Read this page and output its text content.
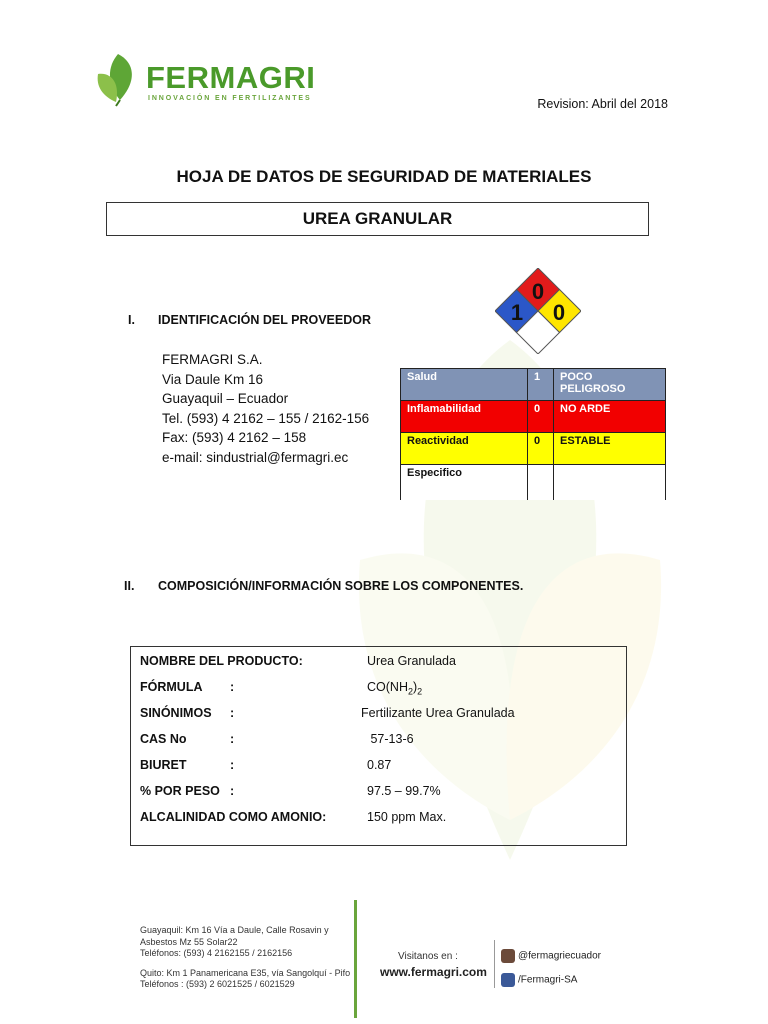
FERMAGRI
INNOVACIÓN EN FERTILIZANTES	Revision: Abril del 2018
HOJA DE DATOS DE SEGURIDAD DE MATERIALES
UREA GRANULAR
I. IDENTIFICACIÓN DEL PROVEEDOR
FERMAGRI S.A.
Via Daule Km 16
Guayaquil – Ecuador
Tel. (593) 4 2162 – 155 / 2162-156
Fax: (593) 4 2162 – 158
e-mail: sindustrial@fermagri.ec
0
1 0
Salud	1	POCO PELIGROSO
Inflamabilidad	0	NO ARDE
Reactividad	0	ESTABLE
Especifico		
II. COMPOSICIÓN/INFORMACIÓN SOBRE LOS COMPONENTES.
NOMBRE DEL PRODUCTO:	Urea Granulada
FÓRMULA :	$CO(NH_2)_2$
SINÓNIMOS :	Fertilizante Urea Granulada
CAS No	:	57-13-6
BIURET	:	0.87
% POR PESO :	97.5 – 99.7%
ALCALINIDAD COMO AMONIO:	150 ppm Max.
Guayaquil: Km 16 Vía a Daule, Calle Rosavin y
Asbestos Mz 55 Solar22
Teléfonos: (593) 4 2162155 / 2162156
Quito: Km 1 Panamericana E35, vía Sangolquí - Pifo
Teléfonos : (593) 2 6021525 / 6021529
Visitanos en :
www.fermagri.com
@fermagriecuador
/Fermagri-SA
